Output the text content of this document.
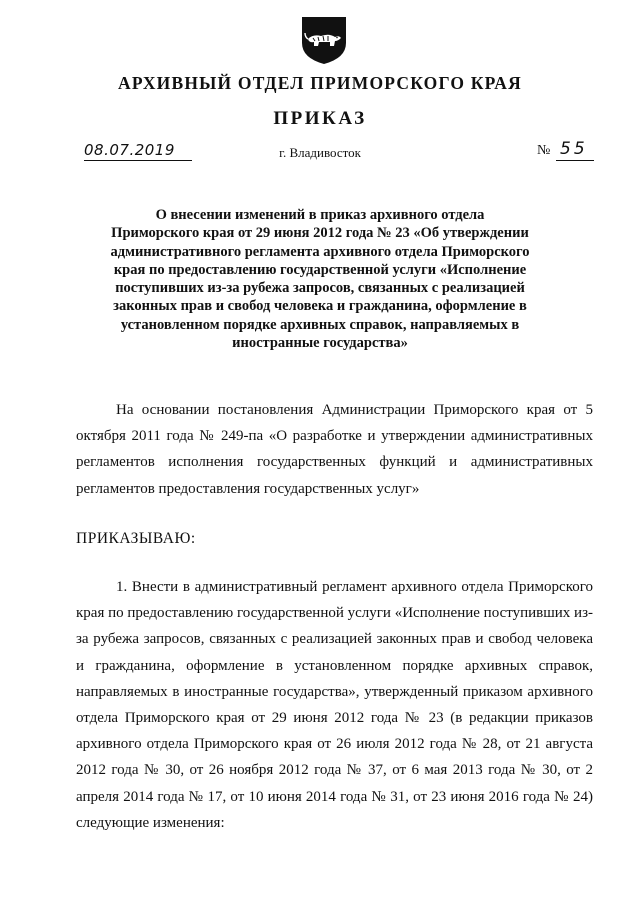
АРХИВНЫЙ ОТДЕЛ ПРИМОРСКОГО КРАЯ
ПРИКАЗ
08.07.2019	г. Владивосток	№ 55
О внесении изменений в приказ архивного отдела Приморского края от 29 июня 2012 года № 23 «Об утверждении административного регламента архивного отдела Приморского края по предоставлению государственной услуги «Исполнение поступивших из-за рубежа запросов, связанных с реализацией законных прав и свобод человека и гражданина, оформление в установленном порядке архивных справок, направляемых в иностранные государства»
На основании постановления Администрации Приморского края от 5 октября 2011 года № 249-па «О разработке и утверждении административных регламентов исполнения государственных функций и административных регламентов предоставления государственных услуг»
ПРИКАЗЫВАЮ:
1. Внести в административный регламент архивного отдела Приморского края по предоставлению государственной услуги «Исполнение поступивших из-за рубежа запросов, связанных с реализацией законных прав и свобод человека и гражданина, оформление в установленном порядке архивных справок, направляемых в иностранные государства», утвержденный приказом архивного отдела Приморского края от 29 июня 2012 года № 23 (в редакции приказов архивного отдела Приморского края от 26 июля 2012 года № 28, от 21 августа 2012 года № 30, от 26 ноября 2012 года № 37, от 6 мая 2013 года № 30, от 2 апреля 2014 года № 17, от 10 июня 2014 года № 31, от 23 июня 2016 года № 24) следующие изменения:
